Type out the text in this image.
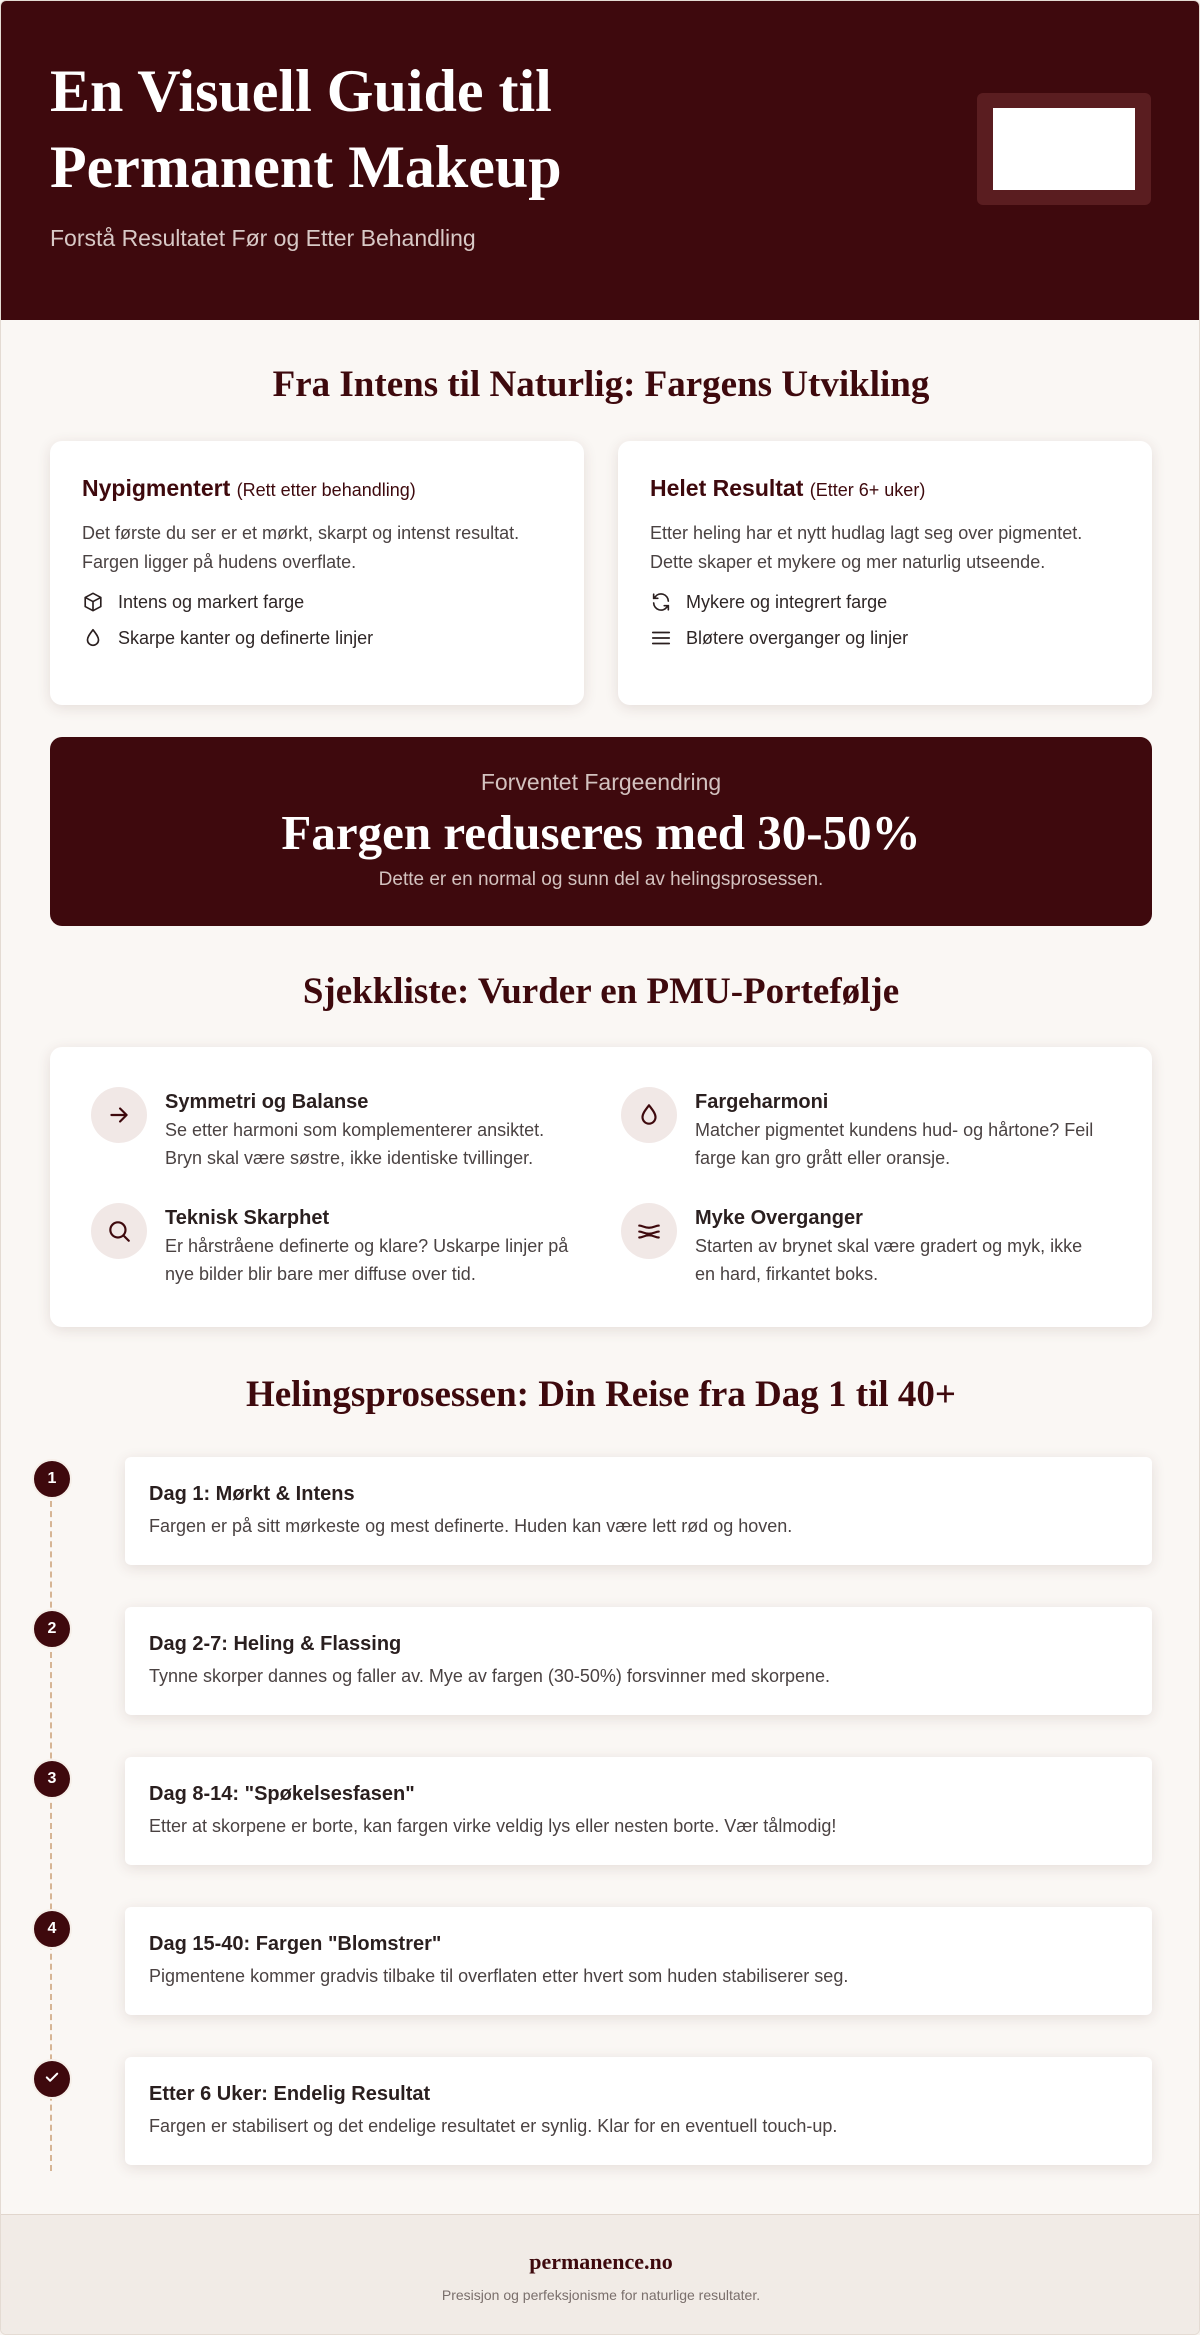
En Visuell Guide til Permanent Makeup
Forstå Resultatet Før og Etter Behandling
Fra Intens til Naturlig: Fargens Utvikling
Nypigmentert (Rett etter behandling)
Det første du ser er et mørkt, skarpt og intenst resultat. Fargen ligger på hudens overflate.
Intens og markert farge
Skarpe kanter og definerte linjer
Helet Resultat (Etter 6+ uker)
Etter heling har et nytt hudlag lagt seg over pigmentet. Dette skaper et mykere og mer naturlig utseende.
Mykere og integrert farge
Bløtere overganger og linjer
Forventet Fargeendring
Fargen reduseres med 30-50%
Dette er en normal og sunn del av helingsprosessen.
Sjekkliste: Vurder en PMU-Portefølje
Symmetri og Balanse
Se etter harmoni som komplementerer ansiktet. Bryn skal være søstre, ikke identiske tvillinger.
Fargeharmoni
Matcher pigmentet kundens hud- og hårtone? Feil farge kan gro grått eller oransje.
Teknisk Skarphet
Er hårstråene definerte og klare? Uskarpe linjer på nye bilder blir bare mer diffuse over tid.
Myke Overganger
Starten av brynet skal være gradert og myk, ikke en hard, firkantet boks.
Helingsprosessen: Din Reise fra Dag 1 til 40+
1
Dag 1: Mørkt & Intens
Fargen er på sitt mørkeste og mest definerte. Huden kan være lett rød og hoven.
2
Dag 2-7: Heling & Flassing
Tynne skorper dannes og faller av. Mye av fargen (30-50%) forsvinner med skorpene.
3
Dag 8-14: "Spøkelsesfasen"
Etter at skorpene er borte, kan fargen virke veldig lys eller nesten borte. Vær tålmodig!
4
Dag 15-40: Fargen "Blomstrer"
Pigmentene kommer gradvis tilbake til overflaten etter hvert som huden stabiliserer seg.
Etter 6 Uker: Endelig Resultat
Fargen er stabilisert og det endelige resultatet er synlig. Klar for en eventuell touch-up.
permanence.no
Presisjon og perfeksjonisme for naturlige resultater.
